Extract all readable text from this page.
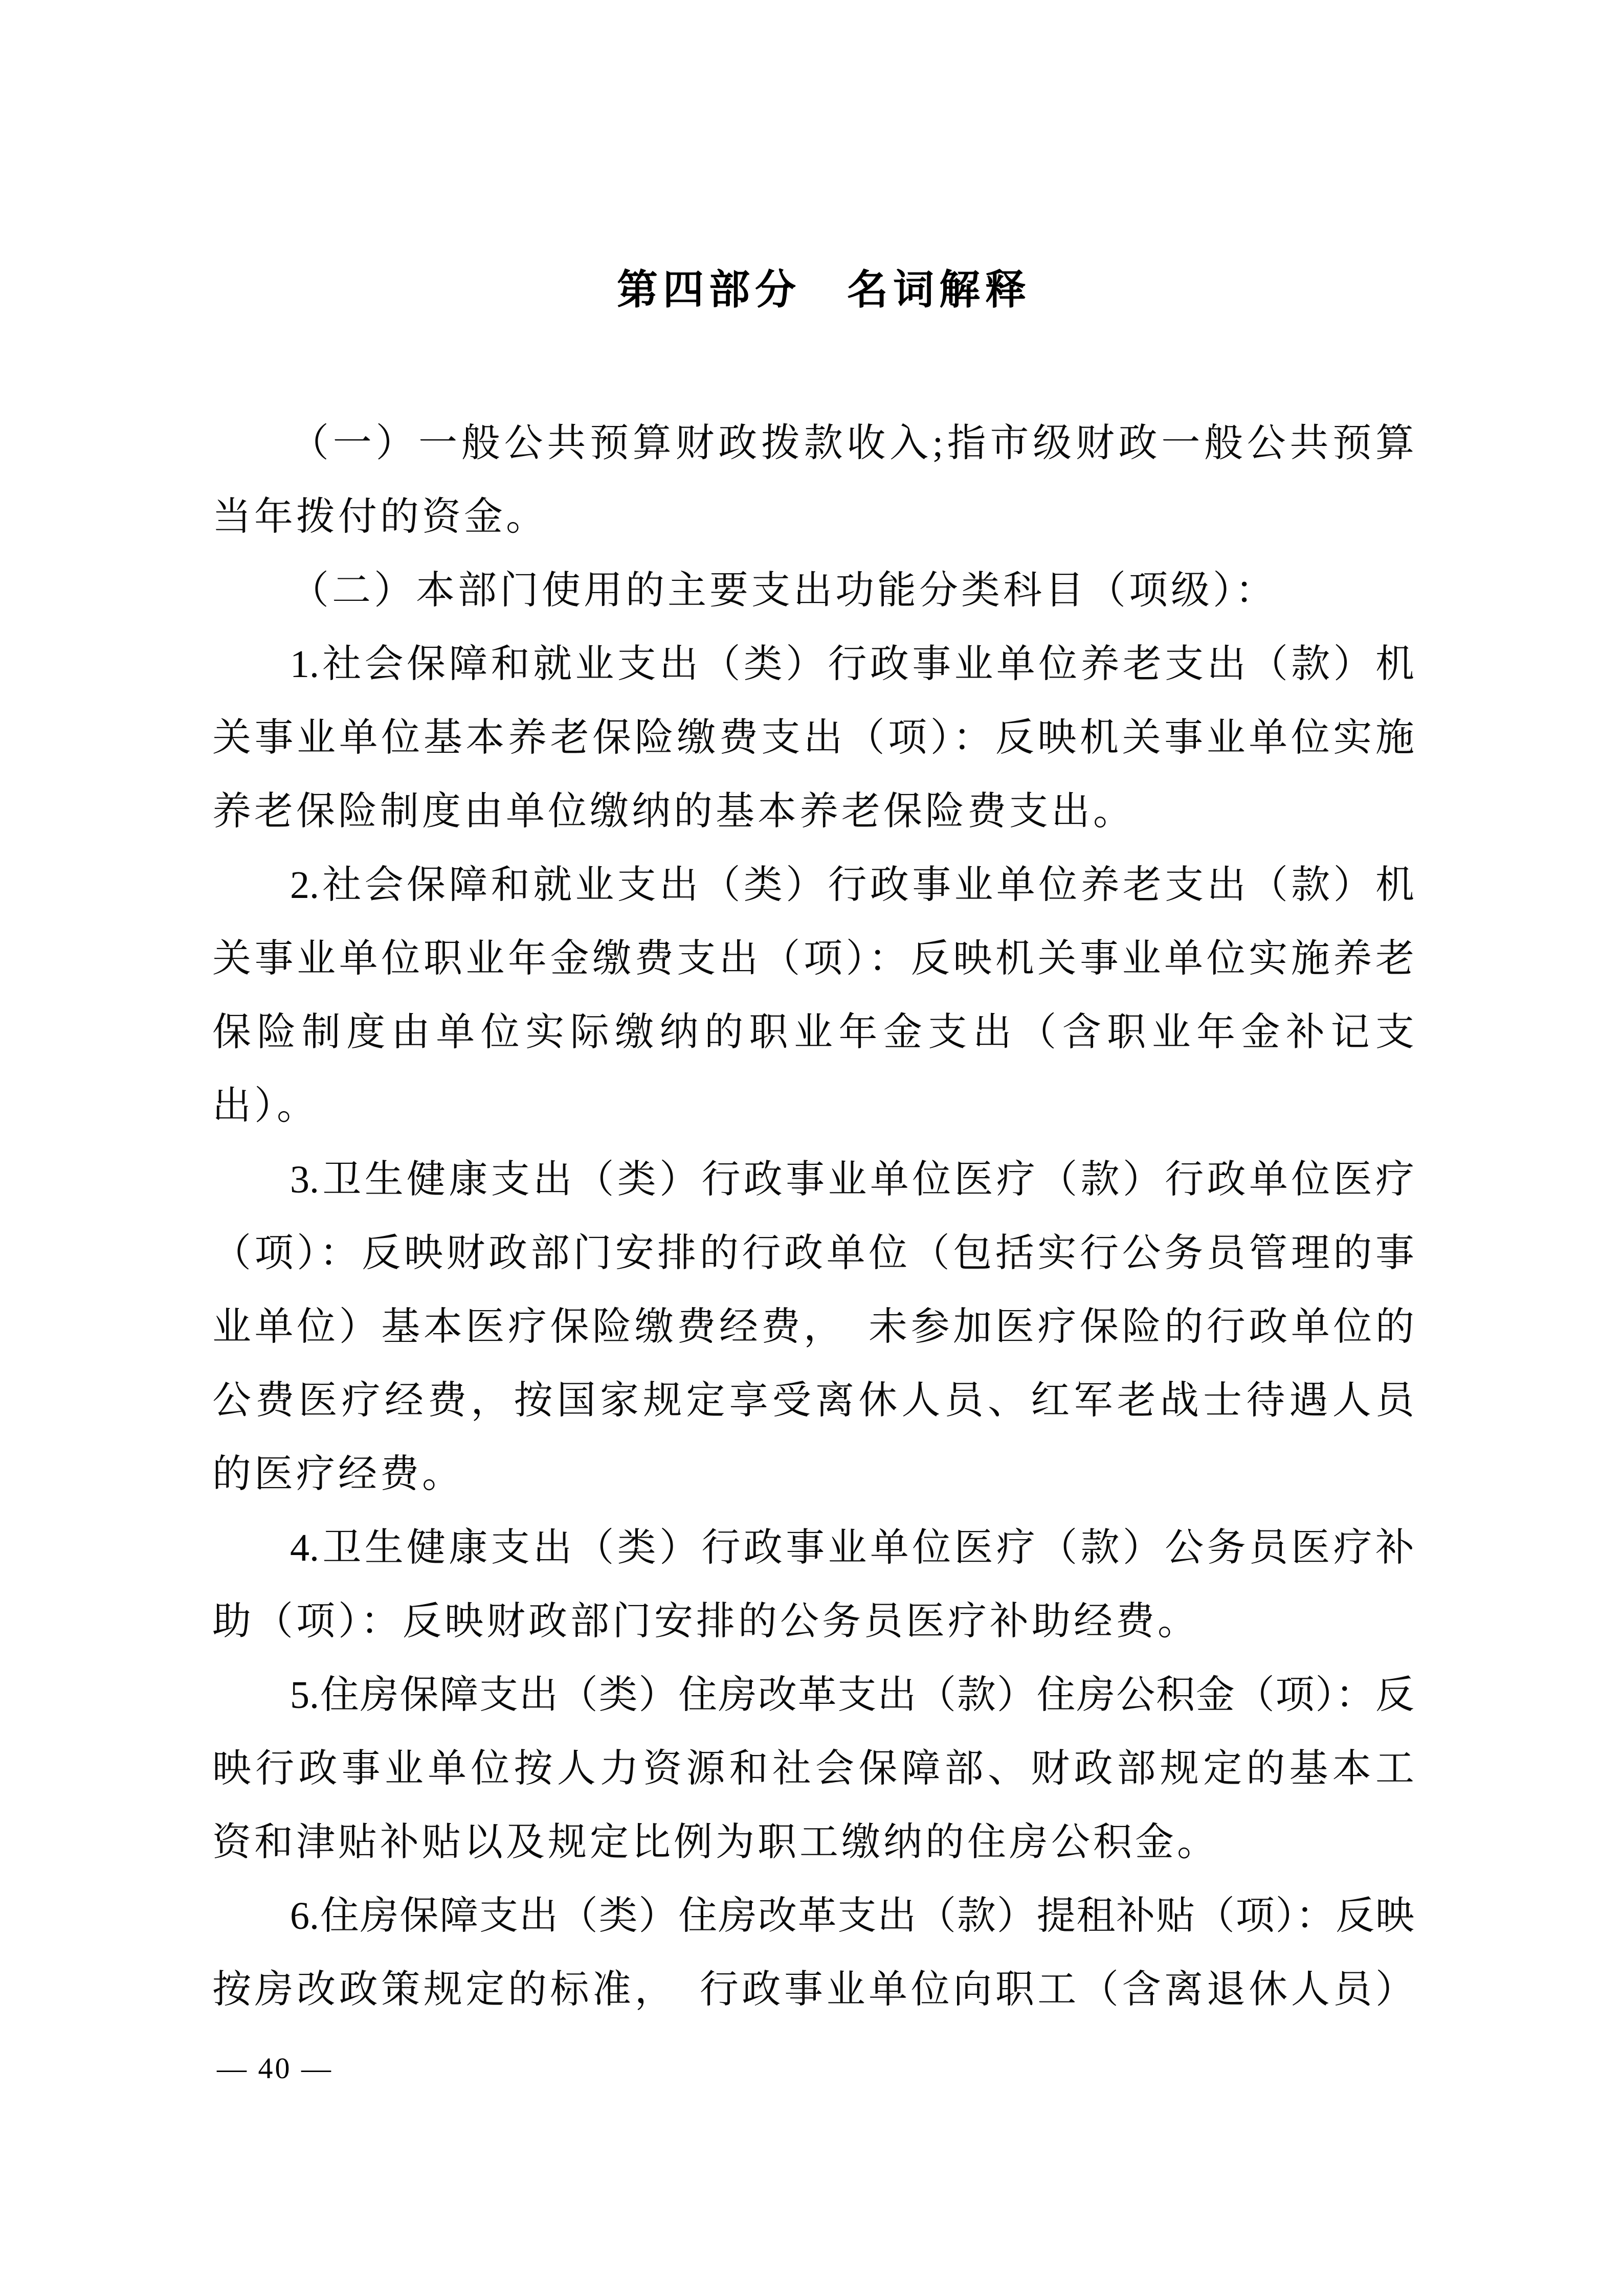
第四部分　名词解释
（一）一般公共预算财政拨款收入;指市级财政一般公共预算
当年拨付的资金。
（二）本部门使用的主要支出功能分类科目（项级）：
1.社会保障和就业支出（类）行政事业单位养老支出（款）机
关事业单位基本养老保险缴费支出（项）：反映机关事业单位实施
养老保险制度由单位缴纳的基本养老保险费支出。
2.社会保障和就业支出（类）行政事业单位养老支出（款）机
关事业单位职业年金缴费支出（项）：反映机关事业单位实施养老
保险制度由单位实际缴纳的职业年金支出（含职业年金补记支
出）。
3.卫生健康支出（类）行政事业单位医疗（款）行政单位医疗
（项）：反映财政部门安排的行政单位（包括实行公务员管理的事
业单位）基本医疗保险缴费经费，　未参加医疗保险的行政单位的
公费医疗经费，按国家规定享受离休人员、红军老战士待遇人员
的医疗经费。
4.卫生健康支出（类）行政事业单位医疗（款）公务员医疗补
助（项）：反映财政部门安排的公务员医疗补助经费。
5.住房保障支出（类）住房改革支出（款）住房公积金（项）：反
映行政事业单位按人力资源和社会保障部、财政部规定的基本工
资和津贴补贴以及规定比例为职工缴纳的住房公积金。
6.住房保障支出（类）住房改革支出（款）提租补贴（项）：反映
按房改政策规定的标准，　行政事业单位向职工（含离退休人员）
— 40 —
